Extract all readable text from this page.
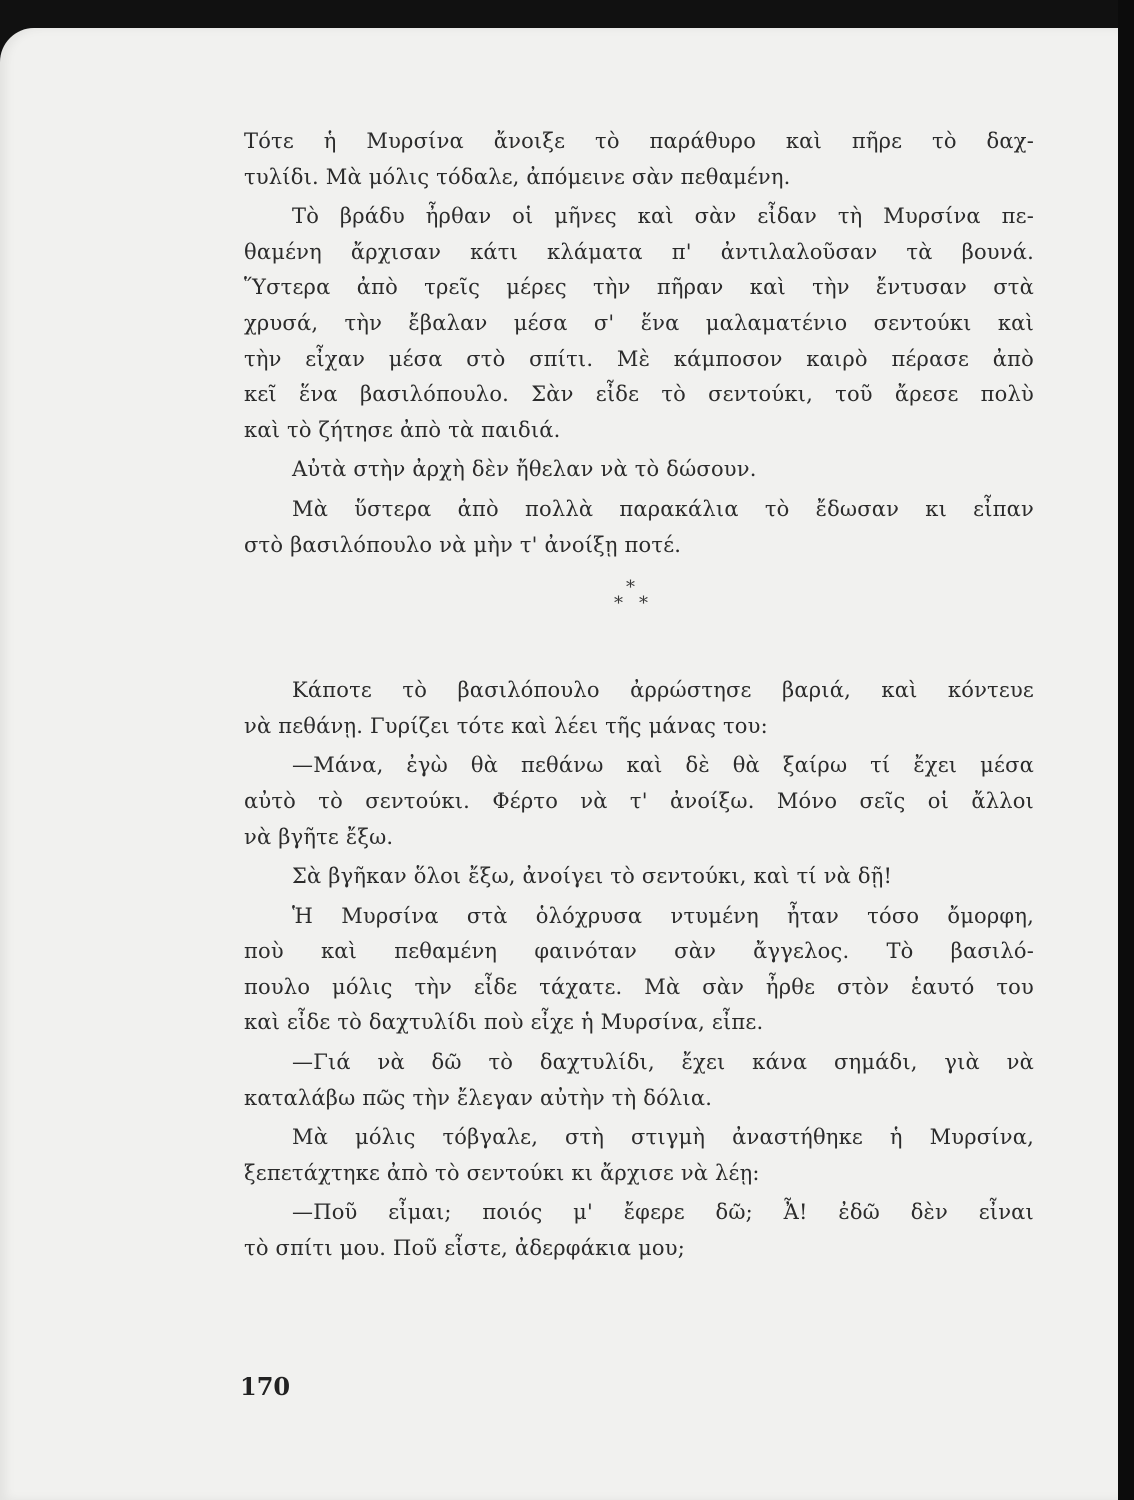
Τότε ἡ Μυρσίνα ἄνοιξε τὸ παράθυρο καὶ πῆρε τὸ δαχ-
τυλίδι. Μὰ μόλις τόδαλε, ἀπόμεινε σὰν πεθαμένη.
Τὸ βράδυ ἦρθαν οἱ μῆνες καὶ σὰν εἶδαν τὴ Μυρσίνα πε-
θαμένη ἄρχισαν κάτι κλάματα π' ἀντιλαλοῦσαν τὰ βουνά.
Ὕστερα ἀπὸ τρεῖς μέρες τὴν πῆραν καὶ τὴν ἔντυσαν στὰ
χρυσά, τὴν ἔβαλαν μέσα σ' ἕνα μαλαματένιο σεντούκι καὶ
τὴν εἶχαν μέσα στὸ σπίτι. Μὲ κάμποσον καιρὸ πέρασε ἀπὸ
κεῖ ἕνα βασιλόπουλο. Σὰν εἶδε τὸ σεντούκι, τοῦ ἄρεσε πολὺ
καὶ τὸ ζήτησε ἀπὸ τὰ παιδιά.
Αὐτὰ στὴν ἀρχὴ δὲν ἤθελαν νὰ τὸ δώσουν.
Μὰ ὕστερα ἀπὸ πολλὰ παρακάλια τὸ ἔδωσαν κι εἶπαν
στὸ βασιλόπουλο νὰ μὴν τ' ἀνοίξῃ ποτέ.
*
* *
Κάποτε τὸ βασιλόπουλο ἀρρώστησε βαριά, καὶ κόντευε
νὰ πεθάνῃ. Γυρίζει τότε καὶ λέει τῆς μάνας του:
—Μάνα, ἐγὼ θὰ πεθάνω καὶ δὲ θὰ ξαίρω τί ἔχει μέσα
αὐτὸ τὸ σεντούκι. Φέρτο νὰ τ' ἀνοίξω. Μόνο σεῖς οἱ ἄλλοι
νὰ βγῆτε ἔξω.
Σὰ βγῆκαν ὅλοι ἔξω, ἀνοίγει τὸ σεντούκι, καὶ τί νὰ δῇ!
Ἡ Μυρσίνα στὰ ὁλόχρυσα ντυμένη ἦταν τόσο ὄμορφη,
ποὺ καὶ πεθαμένη φαινόταν σὰν ἄγγελος. Τὸ βασιλό-
πουλο μόλις τὴν εἶδε τάχατε. Μὰ σὰν ἦρθε στὸν ἑαυτό του
καὶ εἶδε τὸ δαχτυλίδι ποὺ εἶχε ἡ Μυρσίνα, εἶπε.
—Γιά νὰ δῶ τὸ δαχτυλίδι, ἔχει κάνα σημάδι, γιὰ νὰ
καταλάβω πῶς τὴν ἔλεγαν αὐτὴν τὴ δόλια.
Μὰ μόλις τόβγαλε, στὴ στιγμὴ ἀναστήθηκε ἡ Μυρσίνα,
ξεπετάχτηκε ἀπὸ τὸ σεντούκι κι ἄρχισε νὰ λέῃ:
—Ποῦ εἶμαι; ποιός μ' ἔφερε δῶ; Ἆ! ἐδῶ δὲν εἶναι
τὸ σπίτι μου. Ποῦ εἶστε, ἀδερφάκια μου;
170
